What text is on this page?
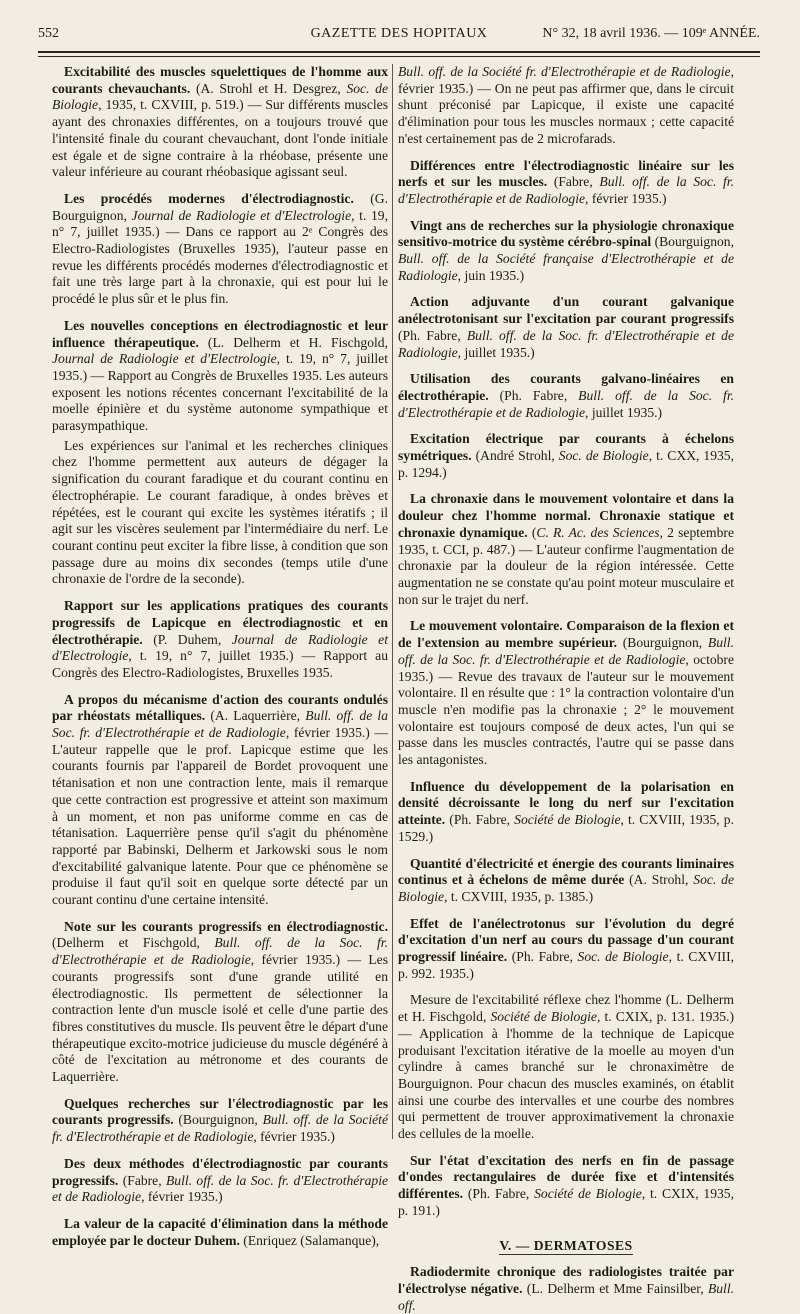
552	GAZETTE DES HOPITAUX	N° 32, 18 avril 1936. — 109ᵉ ANNÉE.

Excitabilité des muscles squelettiques de l'homme aux courants chevauchants. (A. Strohl et H. Desgrez, Soc. de Biologie, 1935, t. CXVIII, p. 519.) — Sur différents muscles ayant des chronaxies différentes, on a toujours trouvé que l'intensité finale du courant chevauchant, dont l'onde initiale est égale et de signe contraire à la rhéobase, présente une valeur inférieure au courant rhéobasique agissant seul.

Les procédés modernes d'électrodiagnostic. (G. Bourguignon, Journal de Radiologie et d'Electrologie, t. 19, n° 7, juillet 1935.) — Dans ce rapport au 2ᵉ Congrès des Electro-Radiologistes (Bruxelles 1935), l'auteur passe en revue les différents procédés modernes d'électrodiagnostic et fait une très large part à la chronaxie, qui est pour lui le procédé le plus sûr et le plus fin.

Les nouvelles conceptions en électrodiagnostic et leur influence thérapeutique. (L. Delherm et H. Fischgold, Journal de Radiologie et d'Electrologie, t. 19, n° 7, juillet 1935.) — Rapport au Congrès de Bruxelles 1935. Les auteurs exposent les notions récentes concernant l'excitabilité de la moelle épinière et du système autonome sympathique et parasympathique.

Les expériences sur l'animal et les recherches cliniques chez l'homme permettent aux auteurs de dégager la signification du courant faradique et du courant continu en électrophérapie. Le courant faradique, à ondes brèves et répétées, est le courant qui excite les systèmes itératifs ; il agit sur les viscères seulement par l'intermédiaire du nerf. Le courant continu peut exciter la fibre lisse, à condition que son passage dure au moins dix secondes (temps utile d'une chronaxie de l'ordre de la seconde).

Rapport sur les applications pratiques des courants progressifs de Lapicque en électrodiagnostic et en électrothérapie. (P. Duhem, Journal de Radiologie et d'Electrologie, t. 19, n° 7, juillet 1935.) — Rapport au Congrès des Electro-Radiologistes, Bruxelles 1935.

A propos du mécanisme d'action des courants ondulés par rhéostats métalliques. (A. Laquerrière, Bull. off. de la Soc. fr. d'Electrothérapie et de Radiologie, février 1935.) — L'auteur rappelle que le prof. Lapicque estime que les courants fournis par l'appareil de Bordet provoquent une tétanisation et non une contraction lente, mais il remarque que cette contraction est progressive et atteint son maximum à un moment, et non pas uniforme comme en cas de tétanisation. Laquerrière pense qu'il s'agit du phénomène rapporté par Babinski, Delherm et Jarkowski sous le nom d'excitabilité galvanique latente. Pour que ce phénomène se produise il faut qu'il soit en quelque sorte détecté par un courant continu d'une certaine intensité.

Note sur les courants progressifs en électrodiagnostic. (Delherm et Fischgold, Bull. off. de la Soc. fr. d'Electrothérapie et de Radiologie, février 1935.) — Les courants progressifs sont d'une grande utilité en électrodiagnostic. Ils permettent de sélectionner la contraction lente d'un muscle isolé et celle d'une partie des fibres constitutives du muscle. Ils peuvent être le départ d'une thérapeutique excito-motrice judicieuse du muscle dégénéré à côté de l'excitation au métronome et des courants de Laquerrière.

Quelques recherches sur l'électrodiagnostic par les courants progressifs. (Bourguignon, Bull. off. de la Société fr. d'Electrothérapie et de Radiologie, février 1935.)

Des deux méthodes d'électrodiagnostic par courants progressifs. (Fabre, Bull. off. de la Soc. fr. d'Electrothérapie et de Radiologie, février 1935.)

La valeur de la capacité d'élimination dans la méthode employée par le docteur Duhem. (Enriquez (Salamanque),

Bull. off. de la Société fr. d'Electrothérapie et de Radiologie, février 1935.) — On ne peut pas affirmer que, dans le circuit shunt préconisé par Lapicque, il existe une capacité d'élimination pour tous les muscles normaux ; cette capacité n'est certainement pas de 2 microfarads.

Différences entre l'électrodiagnostic linéaire sur les nerfs et sur les muscles. (Fabre, Bull. off. de la Soc. fr. d'Electrothérapie et de Radiologie, février 1935.)

Vingt ans de recherches sur la physiologie chronaxique sensitivo-motrice du système cérébro-spinal (Bourguignon, Bull. off. de la Société française d'Electrothérapie et de Radiologie, juin 1935.)

Action adjuvante d'un courant galvanique anélectrotonisant sur l'excitation par courant progressifs (Ph. Fabre, Bull. off. de la Soc. fr. d'Electrothérapie et de Radiologie, juillet 1935.)

Utilisation des courants galvano-linéaires en électrothérapie. (Ph. Fabre, Bull. off. de la Soc. fr. d'Electrothérapie et de Radiologie, juillet 1935.)

Excitation électrique par courants à échelons symétriques. (André Strohl, Soc. de Biologie, t. CXX, 1935, p. 1294.)

La chronaxie dans le mouvement volontaire et dans la douleur chez l'homme normal. Chronaxie statique et chronaxie dynamique. (C. R. Ac. des Sciences, 2 septembre 1935, t. CCI, p. 487.) — L'auteur confirme l'augmentation de chronaxie par la douleur de la région intéressée. Cette augmentation ne se constate qu'au point moteur musculaire et non sur le trajet du nerf.

Le mouvement volontaire. Comparaison de la flexion et de l'extension au membre supérieur. (Bourguignon, Bull. off. de la Soc. fr. d'Electrothérapie et de Radiologie, octobre 1935.) — Revue des travaux de l'auteur sur le mouvement volontaire. Il en résulte que : 1° la contraction volontaire d'un muscle n'en modifie pas la chronaxie ; 2° le mouvement volontaire est toujours composé de deux actes, l'un qui se passe dans les muscles contractés, l'autre qui se passe dans les antagonistes.

Influence du développement de la polarisation en densité décroissante le long du nerf sur l'excitation atteinte. (Ph. Fabre, Société de Biologie, t. CXVIII, 1935, p. 1529.)

Quantité d'électricité et énergie des courants liminaires continus et à échelons de même durée (A. Strohl, Soc. de Biologie, t. CXVIII, 1935, p. 1385.)

Effet de l'anélectrotonus sur l'évolution du degré d'excitation d'un nerf au cours du passage d'un courant progressif linéaire. (Ph. Fabre, Soc. de Biologie, t. CXVIII, p. 992. 1935.)

Mesure de l'excitabilité réflexe chez l'homme (L. Delherm et H. Fischgold, Société de Biologie, t. CXIX, p. 131. 1935.) — Application à l'homme de la technique de Lapicque produisant l'excitation itérative de la moelle au moyen d'un cylindre à cames branché sur le chronaximètre de Bourguignon. Pour chacun des muscles examinés, on établit ainsi une courbe des intervalles et une courbe des nombres qui permettent de trouver approximativement la chronaxie des cellules de la moelle.

Sur l'état d'excitation des nerfs en fin de passage d'ondes rectangulaires de durée fixe et d'intensités différentes. (Ph. Fabre, Société de Biologie, t. CXIX, 1935, p. 191.)

V. — DERMATOSES

Radiodermite chronique des radiologistes traitée par l'électrolyse négative. (L. Delherm et Mme Fainsilber, Bull. off.
